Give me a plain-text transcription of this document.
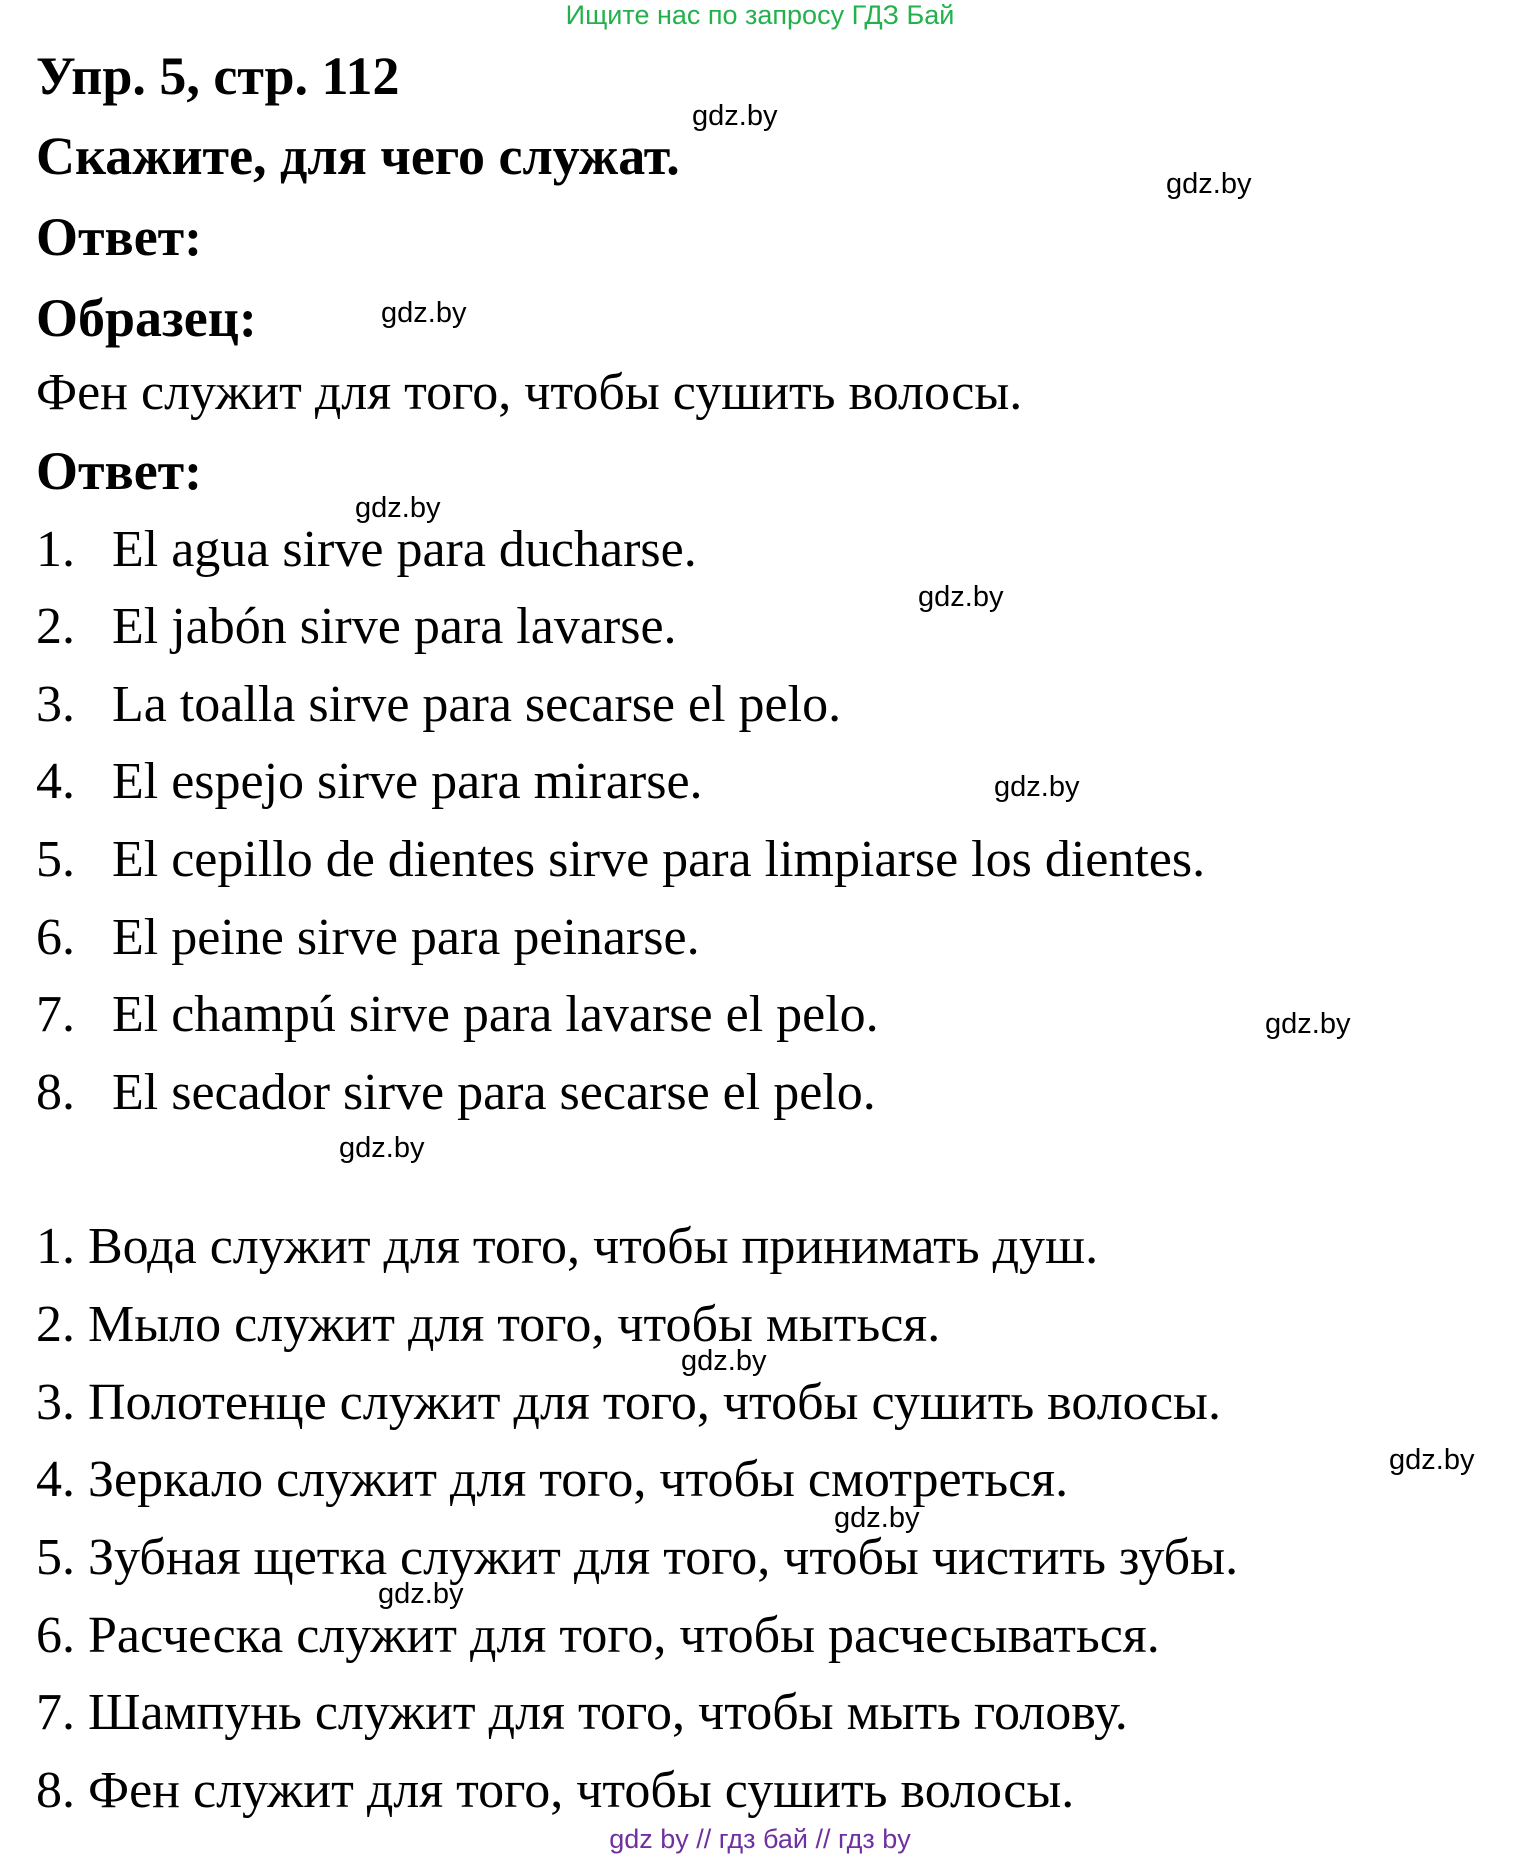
Ищите нас по запросу ГДЗ Бай
Упр. 5, стр. 112
Скажите, для чего служат.
Ответ:
Образец:
Фен служит для того, чтобы сушить волосы.
Ответ:
1. El agua sirve para ducharse.
2. El jabón sirve para lavarse.
3. La toalla sirve para secarse el pelo.
4. El espejo sirve para mirarse.
5. El cepillo de dientes sirve para limpiarse los dientes.
6. El peine sirve para peinarse.
7. El champú sirve para lavarse el pelo.
8. El secador sirve para secarse el pelo.
1. Вода служит для того, чтобы принимать душ.
2. Мыло служит для того, чтобы мыться.
3. Полотенце служит для того, чтобы сушить волосы.
4. Зеркало служит для того, чтобы смотреться.
5. Зубная щетка служит для того, чтобы чистить зубы.
6. Расческа служит для того, чтобы расчесываться.
7. Шампунь служит для того, чтобы мыть голову.
8. Фен служит для того, чтобы сушить волосы.
gdz.by
gdz.by
gdz.by
gdz.by
gdz.by
gdz.by
gdz.by
gdz.by
gdz.by
gdz.by
gdz.by
gdz.by
gdz by // гдз бай // гдз by
